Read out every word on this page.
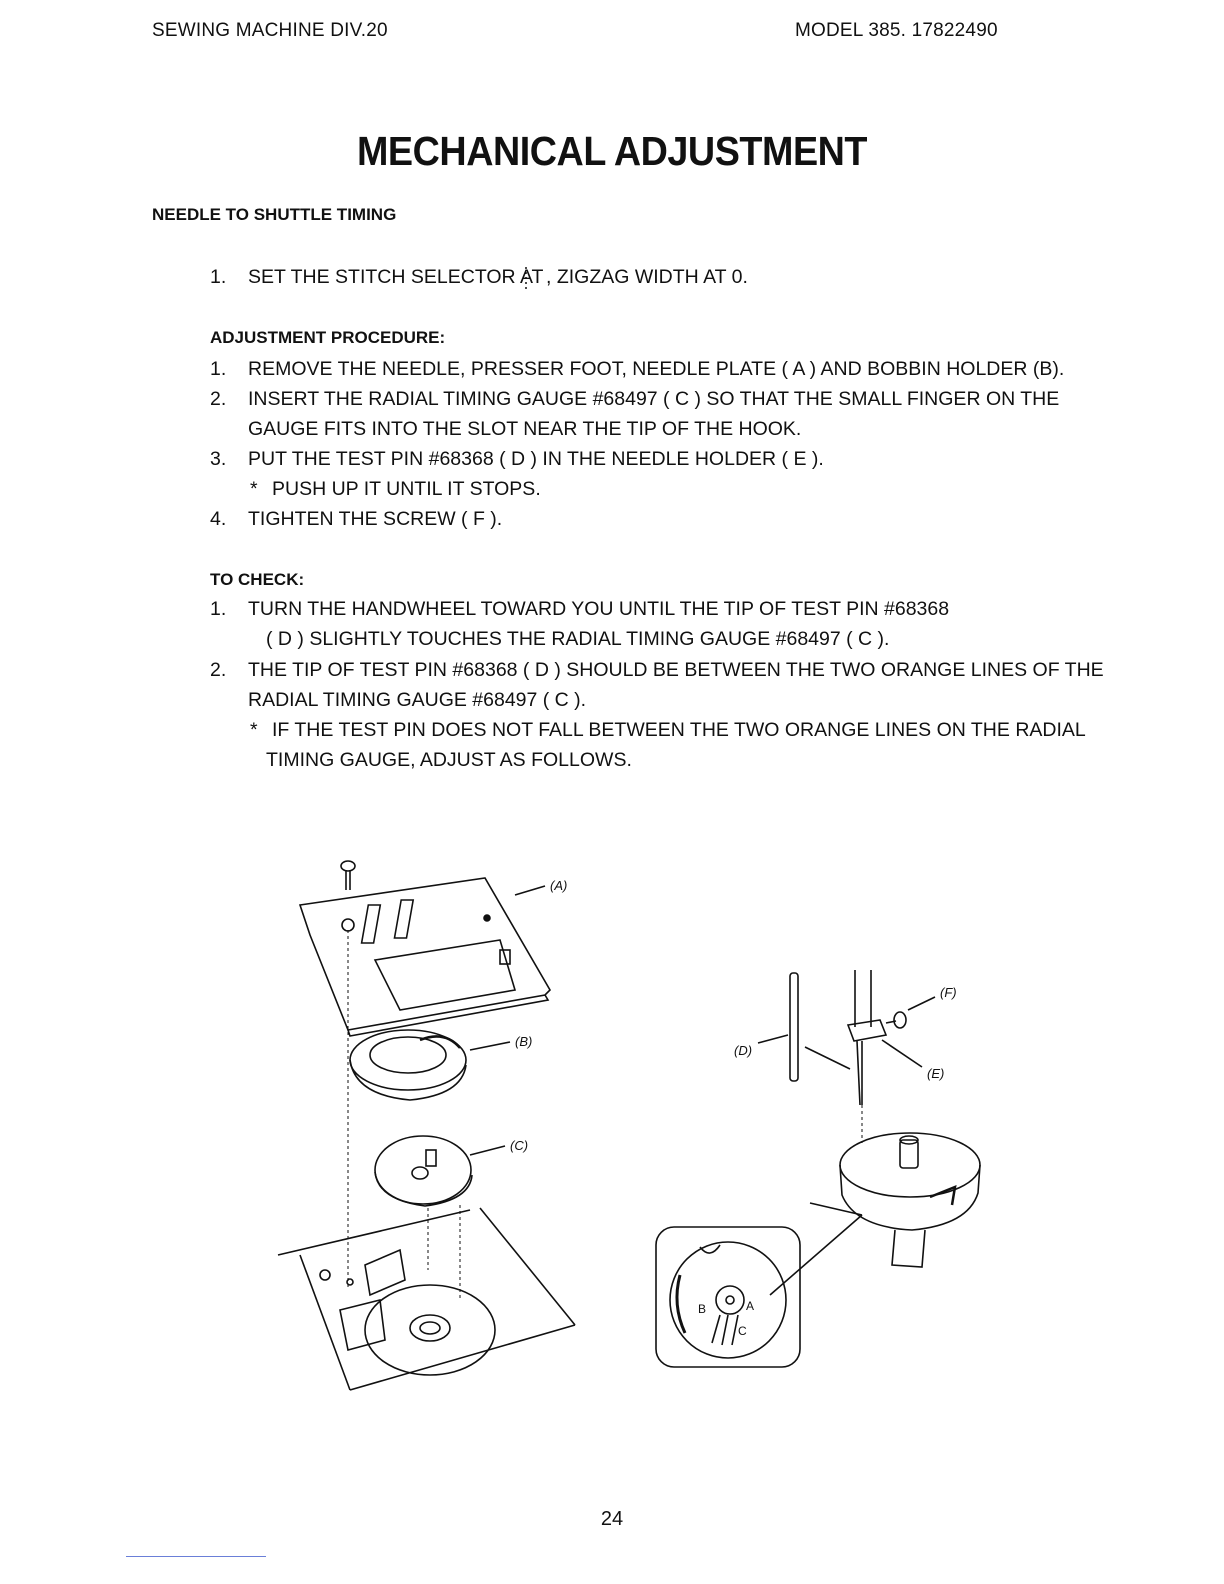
SEWING MACHINE DIV.20	MODEL 385. 17822490
MECHANICAL ADJUSTMENT
NEEDLE TO SHUTTLE TIMING
1. SET THE STITCH SELECTOR AT , ZIGZAG WIDTH AT 0.
ADJUSTMENT PROCEDURE:
1. REMOVE THE NEEDLE, PRESSER FOOT, NEEDLE PLATE ( A ) AND BOBBIN HOLDER (B).
2. INSERT THE RADIAL TIMING GAUGE #68497 ( C ) SO THAT THE SMALL FINGER ON THE
GAUGE FITS INTO THE SLOT NEAR THE TIP OF THE HOOK.
3. PUT THE TEST PIN #68368 ( D ) IN THE NEEDLE HOLDER ( E ).
* PUSH UP IT UNTIL IT STOPS.
4. TIGHTEN THE SCREW ( F ).
TO CHECK:
1. TURN THE HANDWHEEL TOWARD YOU UNTIL THE TIP OF TEST PIN #68368
( D ) SLIGHTLY TOUCHES THE RADIAL TIMING GAUGE #68497 ( C ).
2. THE TIP OF TEST PIN #68368 ( D ) SHOULD BE BETWEEN THE TWO ORANGE LINES OF THE
RADIAL TIMING GAUGE #68497 ( C ).
* IF THE TEST PIN DOES NOT FALL BETWEEN THE TWO ORANGE LINES ON THE RADIAL
TIMING GAUGE, ADJUST AS FOLLOWS.
(A)
(B)
(C)
(D)
(F)
(E)
B	A
C
24
